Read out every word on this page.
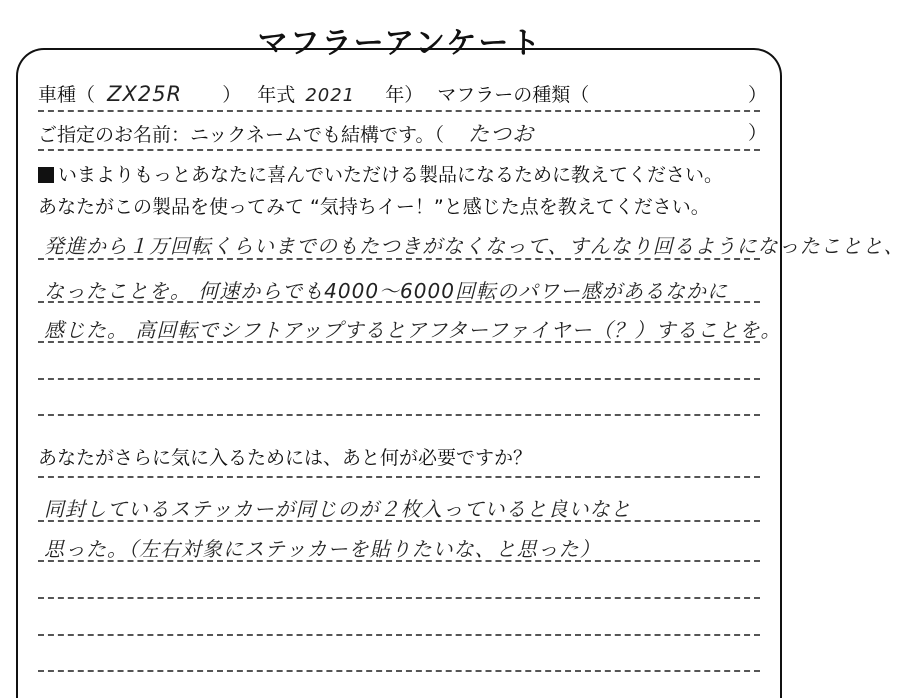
マフラーアンケート
車種（ ZX25R ） 年式 2021 年） マフラーの種類（	）
ご指定のお名前：ニックネームでも結構です。（ たつお	）
いまよりもっとあなたに喜んでいただける製品になるために教えてください。
あなたがこの製品を使ってみて “気持ちイー！”と感じた点を教えてください。
発進から１万回転くらいまでのもたつきがなくなって、すんなり回るようになったことと、
なったことを。 何速からでも4000〜6000回転のパワー感があるなかに
感じた。 高回転でシフトアップするとアフターファイヤー（？）することを。
あなたがさらに気に入るためには、あと何が必要ですか？
同封しているステッカーが同じのが２枚入っていると良いなと
思った。（左右対象にステッカーを貼りたいな、と思った）
